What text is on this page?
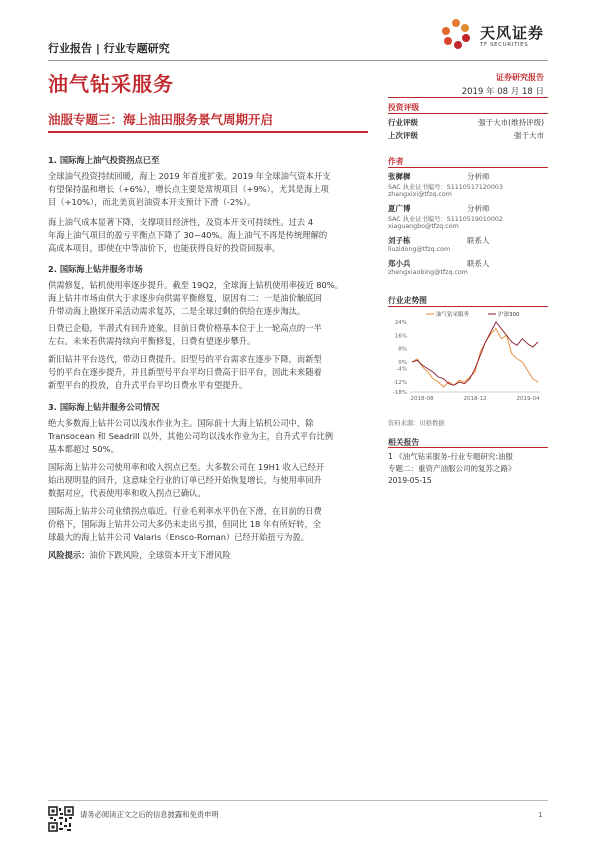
行业报告 | 行业专题研究
天风证券
TF SECURITIES
油气钻采服务
油服专题三：海上油田服务景气周期开启
证券研究报告
2019 年 08 月 18 日
1. 国际海上油气投资拐点已至
全球油气投资持续回暖，海上 2019 年首度扩张。2019 年全球油气资本开支
有望保持温和增长（+6%），增长点主要是常规项目（+9%），尤其是海上项
目（+10%），而北美页岩油资本开支预计下滑（-2%）。
海上油气成本显著下降，支撑项目经济性，及资本开支可持续性。过去 4
年海上油气项目的盈亏平衡点下降了 30~40%。海上油气不再是传统理解的
高成本项目，即使在中等油价下，也能获得良好的投资回报率。
2. 国际海上钻井服务市场
供需修复，钻机使用率逐步提升。截至 19Q2，全球海上钻机使用率接近 80%。
海上钻井市场由供大于求逐步向供需平衡修复，原因有二：一是油价触底回
升带动海上勘探开采活动需求复苏，二是全球过剩的供给在逐步淘汰。
日费已企稳，半潜式有回升迹象。目前日费价格基本位于上一轮高点的一半
左右。未来若供需持续向平衡修复，日费有望逐步攀升。
新旧钻井平台迭代，带动日费提升。旧型号的平台需求在逐步下降，而新型
号的平台在逐步提升，并且新型号平台平均日费高于旧平台，因此未来随着
新型平台的投放，自升式平台平均日费水平有望提升。
3. 国际海上钻井服务公司情况
绝大多数海上钻井公司以浅水作业为主。国际前十大海上钻机公司中，除
Transocean 和 Seadrill 以外，其他公司均以浅水作业为主，自升式平台比例
基本都超过 50%。
国际海上钻井公司使用率和收入拐点已至。大多数公司在 19H1 收入已经开
始出现明显的回升，这意味全行业的订单已经开始恢复增长，与使用率回升
数据对应，代表使用率和收入拐点已确认。
国际海上钻井公司业绩拐点临近。行业毛利率水平仍在下滑，在目前的日费
价格下，国际海上钻井公司大多仍未走出亏损，但同比 18 年有所好转，全
球最大的海上钻井公司 Valaris（Ensco-Roman）已经开始扭亏为盈。
风险提示：油价下跌风险，全球资本开支下滑风险
投资评级
行业评级	强于大市(维持评级)
上次评级	强于大市
作者
张樨樨	分析师
SAC 执业证书编号：S1110517120003
zhangxixi@tfzq.com
夏广博	分析师
SAC 执业证书编号：S1110519010002
xiaguangbo@tfzq.com
刘子栋	联系人
liuzidong@tfzq.com
郑小兵	联系人
zhengxiaobing@tfzq.com
行业走势图
24%
16%
8%
0%
-4%
-12%
-18%
2018-08	2018-12	2019-04
油气钻采服务	沪深300
资料来源：贝格数据
相关报告
1 《油气钻采服务-行业专题研究:油服
专题二：重资产油服公司的复苏之路》
2019-05-15
请务必阅读正文之后的信息披露和免责申明	1
